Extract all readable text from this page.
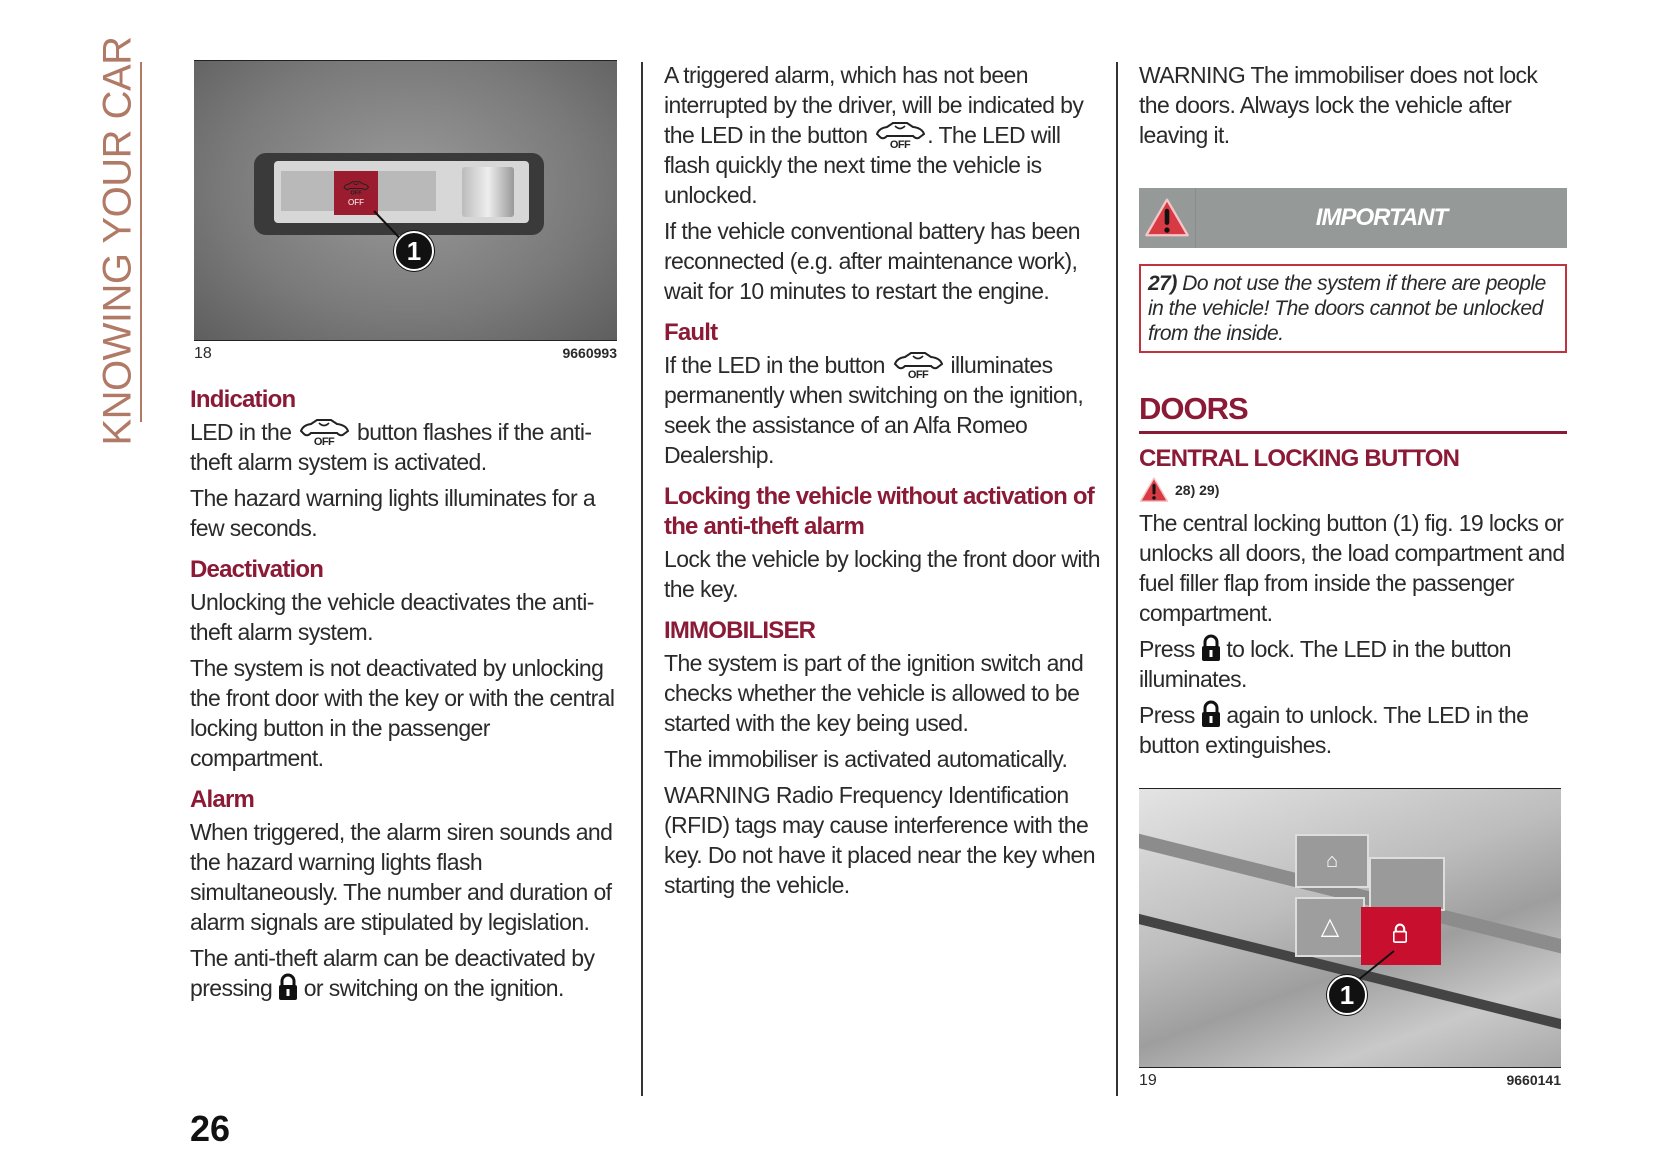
KNOWING YOUR CAR	OFF
1
18	9660993
Indication

LED in the	button flashes if the anti-theft alarm system is activated.

The hazard warning lights illuminates for a few seconds.

Deactivation

Unlocking the vehicle deactivates the anti-theft alarm system.

The system is not deactivated by unlocking the front door with the key or with the central locking button in the passenger compartment.

Alarm

When triggered, the alarm siren sounds and the hazard warning lights flash simultaneously. The number and duration of alarm signals are stipulated by legislation.

The anti-theft alarm can be deactivated by pressing or switching on the ignition.

A triggered alarm, which has not been interrupted by the driver, will be indicated by the LED in the button	. The LED will flash quickly the next time the vehicle is unlocked.

If the vehicle conventional battery has been reconnected (e.g. after maintenance work), wait for 10 minutes to restart the engine.

Fault

If the LED in the button	illuminates permanently when switching on the ignition, seek the assistance of an Alfa Romeo Dealership.

Locking the vehicle without activation of the anti-theft alarm

Lock the vehicle by locking the front door with the key.

IMMOBILISER

The system is part of the ignition switch and checks whether the vehicle is allowed to be started with the key being used.

The immobiliser is activated automatically.

WARNING Radio Frequency Identification (RFID) tags may cause interference with the key. Do not have it placed near the key when starting the vehicle.

WARNING The immobiliser does not lock the doors. Always lock the vehicle after leaving it.

IMPORTANT
27) Do not use the system if there are people in the vehicle! The doors cannot be unlocked from the inside.
DOORS
CENTRAL LOCKING BUTTON
28) 29)

The central locking button (1) fig. 19 locks or unlocks all doors, the load compartment and fuel filler flap from inside the passenger compartment.

Press to lock. The LED in the button illuminates.

Press again to unlock. The LED in the button extinguishes.

⌂
△
1
19	9660141
26
